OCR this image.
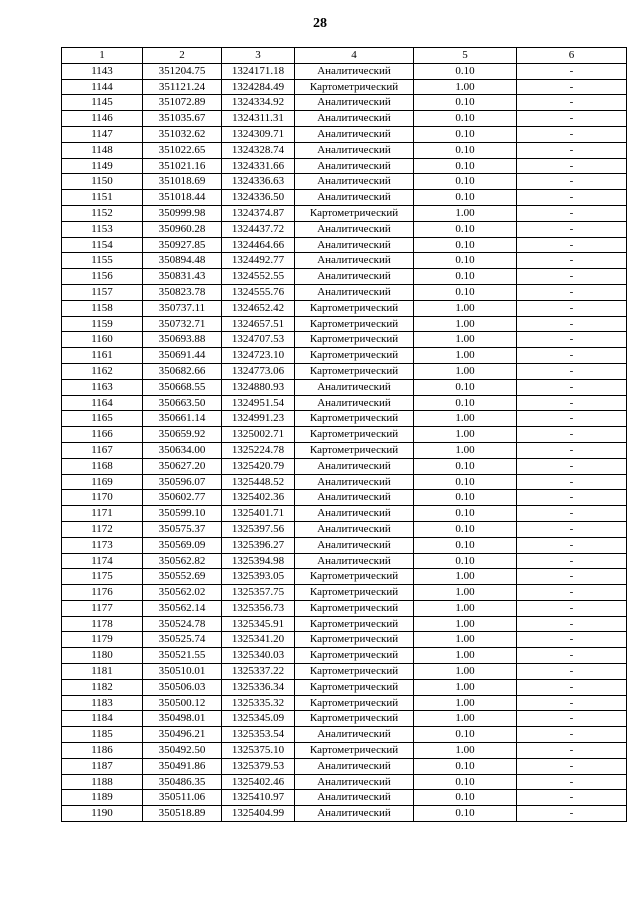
28
1	2	3	4	5	6
1143	351204.75	1324171.18	Аналитический	0.10	-
1144	351121.24	1324284.49	Картометрический	1.00	-
1145	351072.89	1324334.92	Аналитический	0.10	-
1146	351035.67	1324311.31	Аналитический	0.10	-
1147	351032.62	1324309.71	Аналитический	0.10	-
1148	351022.65	1324328.74	Аналитический	0.10	-
1149	351021.16	1324331.66	Аналитический	0.10	-
1150	351018.69	1324336.63	Аналитический	0.10	-
1151	351018.44	1324336.50	Аналитический	0.10	-
1152	350999.98	1324374.87	Картометрический	1.00	-
1153	350960.28	1324437.72	Аналитический	0.10	-
1154	350927.85	1324464.66	Аналитический	0.10	-
1155	350894.48	1324492.77	Аналитический	0.10	-
1156	350831.43	1324552.55	Аналитический	0.10	-
1157	350823.78	1324555.76	Аналитический	0.10	-
1158	350737.11	1324652.42	Картометрический	1.00	-
1159	350732.71	1324657.51	Картометрический	1.00	-
1160	350693.88	1324707.53	Картометрический	1.00	-
1161	350691.44	1324723.10	Картометрический	1.00	-
1162	350682.66	1324773.06	Картометрический	1.00	-
1163	350668.55	1324880.93	Аналитический	0.10	-
1164	350663.50	1324951.54	Аналитический	0.10	-
1165	350661.14	1324991.23	Картометрический	1.00	-
1166	350659.92	1325002.71	Картометрический	1.00	-
1167	350634.00	1325224.78	Картометрический	1.00	-
1168	350627.20	1325420.79	Аналитический	0.10	-
1169	350596.07	1325448.52	Аналитический	0.10	-
1170	350602.77	1325402.36	Аналитический	0.10	-
1171	350599.10	1325401.71	Аналитический	0.10	-
1172	350575.37	1325397.56	Аналитический	0.10	-
1173	350569.09	1325396.27	Аналитический	0.10	-
1174	350562.82	1325394.98	Аналитический	0.10	-
1175	350552.69	1325393.05	Картометрический	1.00	-
1176	350562.02	1325357.75	Картометрический	1.00	-
1177	350562.14	1325356.73	Картометрический	1.00	-
1178	350524.78	1325345.91	Картометрический	1.00	-
1179	350525.74	1325341.20	Картометрический	1.00	-
1180	350521.55	1325340.03	Картометрический	1.00	-
1181	350510.01	1325337.22	Картометрический	1.00	-
1182	350506.03	1325336.34	Картометрический	1.00	-
1183	350500.12	1325335.32	Картометрический	1.00	-
1184	350498.01	1325345.09	Картометрический	1.00	-
1185	350496.21	1325353.54	Аналитический	0.10	-
1186	350492.50	1325375.10	Картометрический	1.00	-
1187	350491.86	1325379.53	Аналитический	0.10	-
1188	350486.35	1325402.46	Аналитический	0.10	-
1189	350511.06	1325410.97	Аналитический	0.10	-
1190	350518.89	1325404.99	Аналитический	0.10	-
